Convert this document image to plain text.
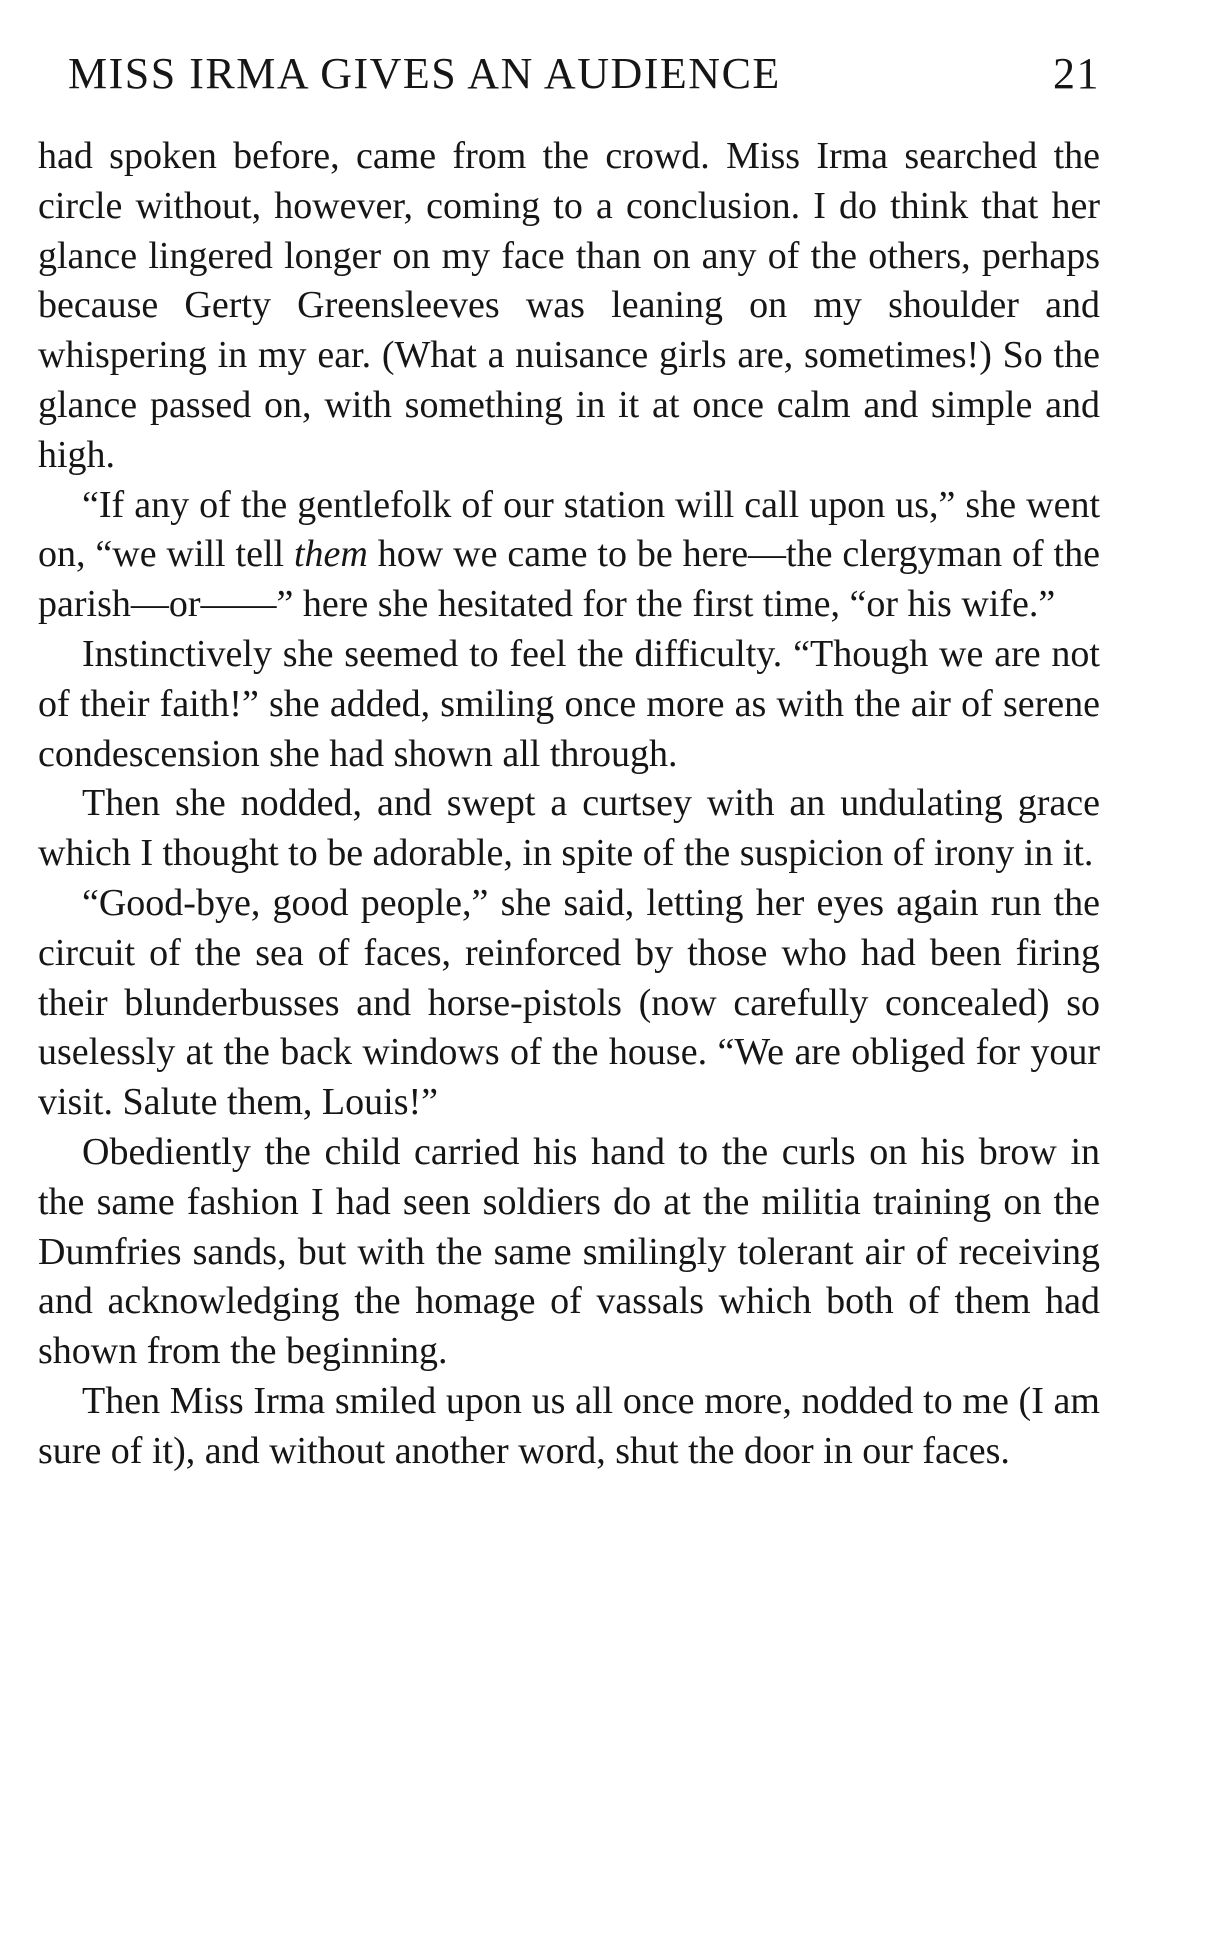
MISS IRMA GIVES AN AUDIENCE	21

had spoken before, came from the crowd. Miss Irma searched the circle without, however, coming to a conclusion. I do think that her glance lingered longer on my face than on any of the others, perhaps because Gerty Greensleeves was leaning on my shoulder and whispering in my ear. (What a nuisance girls are, sometimes!) So the glance passed on, with something in it at once calm and simple and high.

“If any of the gentlefolk of our station will call upon us,” she went on, “we will tell them how we came to be here—the clergyman of the parish—or——” here she hesitated for the first time, “or his wife.”

Instinctively she seemed to feel the difficulty. “Though we are not of their faith!” she added, smiling once more as with the air of serene condescension she had shown all through.

Then she nodded, and swept a curtsey with an undulating grace which I thought to be adorable, in spite of the suspicion of irony in it.

“Good-bye, good people,” she said, letting her eyes again run the circuit of the sea of faces, reinforced by those who had been firing their blunderbusses and horse-pistols (now carefully concealed) so uselessly at the back windows of the house. “We are obliged for your visit. Salute them, Louis!”

Obediently the child carried his hand to the curls on his brow in the same fashion I had seen soldiers do at the militia training on the Dumfries sands, but with the same smilingly tolerant air of receiving and acknowledging the homage of vassals which both of them had shown from the beginning.

Then Miss Irma smiled upon us all once more, nodded to me (I am sure of it), and without another word, shut the door in our faces.
